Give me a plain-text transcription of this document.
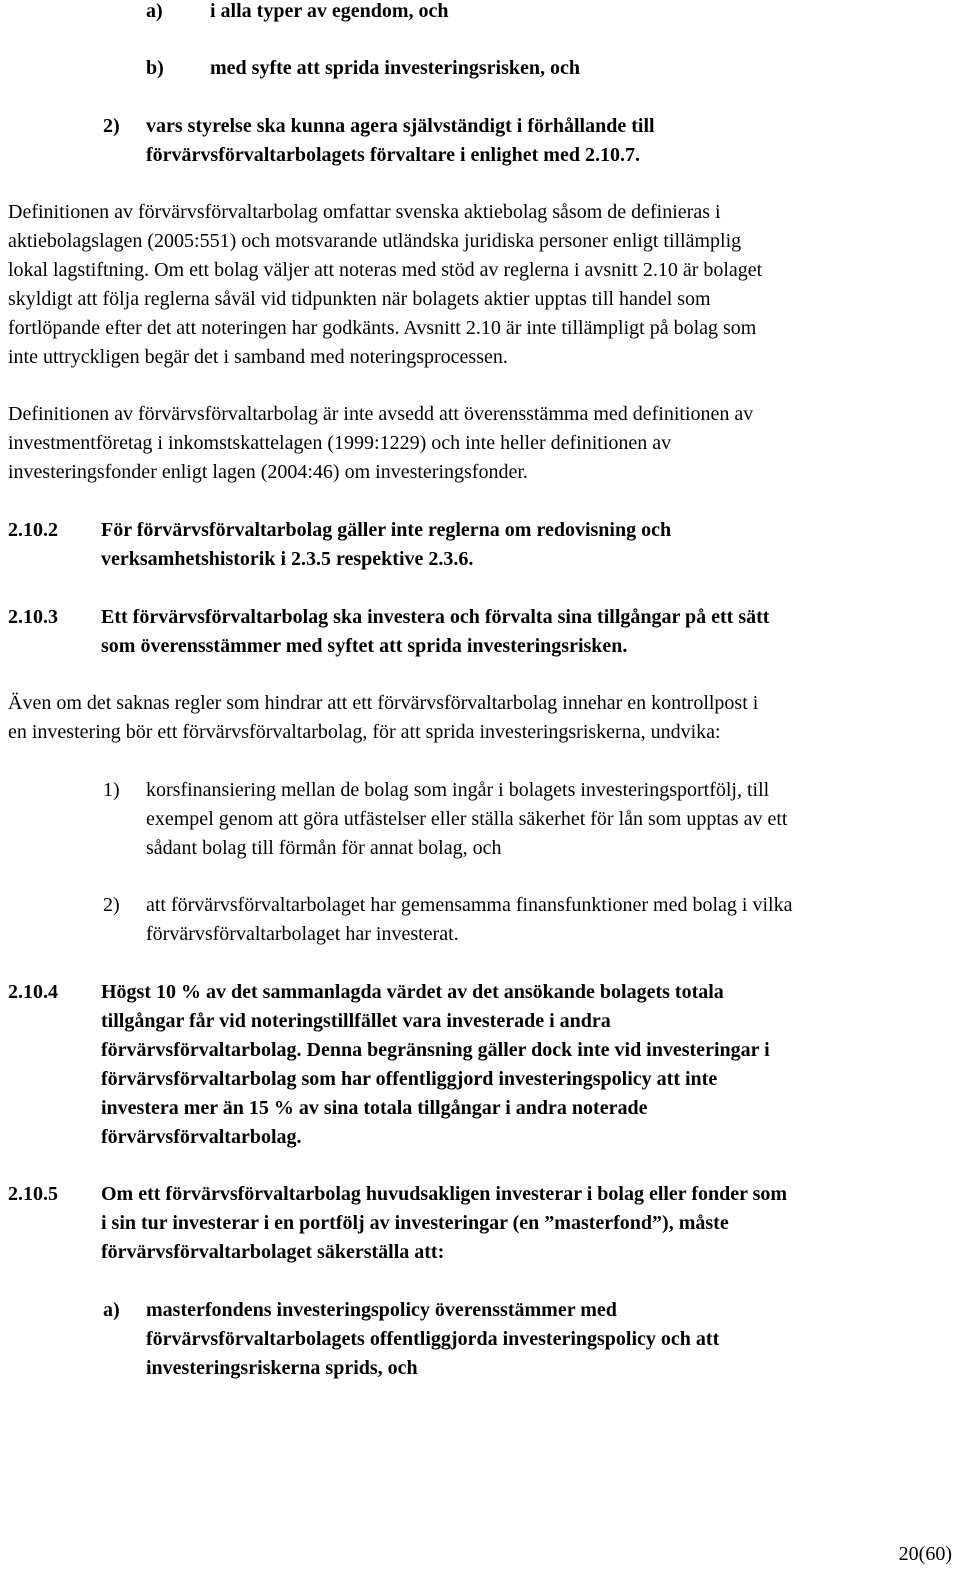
a) i alla typer av egendom, och
b) med syfte att sprida investeringsrisken, och
2) vars styrelse ska kunna agera självständigt i förhållande till
förvärvsförvaltarbolagets förvaltare i enlighet med 2.10.7.
Definitionen av förvärvsförvaltarbolag omfattar svenska aktiebolag såsom de definieras i
aktiebolagslagen (2005:551) och motsvarande utländska juridiska personer enligt tillämplig
lokal lagstiftning. Om ett bolag väljer att noteras med stöd av reglerna i avsnitt 2.10 är bolaget
skyldigt att följa reglerna såväl vid tidpunkten när bolagets aktier upptas till handel som
fortlöpande efter det att noteringen har godkänts. Avsnitt 2.10 är inte tillämpligt på bolag som
inte uttryckligen begär det i samband med noteringsprocessen.
Definitionen av förvärvsförvaltarbolag är inte avsedd att överensstämma med definitionen av
investmentföretag i inkomstskattelagen (1999:1229) och inte heller definitionen av
investeringsfonder enligt lagen (2004:46) om investeringsfonder.
2.10.2 För förvärvsförvaltarbolag gäller inte reglerna om redovisning och
verksamhetshistorik i 2.3.5 respektive 2.3.6.
2.10.3 Ett förvärvsförvaltarbolag ska investera och förvalta sina tillgångar på ett sätt
som överensstämmer med syftet att sprida investeringsrisken.
Även om det saknas regler som hindrar att ett förvärvsförvaltarbolag innehar en kontrollpost i
en investering bör ett förvärvsförvaltarbolag, för att sprida investeringsriskerna, undvika:
1) korsfinansiering mellan de bolag som ingår i bolagets investeringsportfölj, till
exempel genom att göra utfästelser eller ställa säkerhet för lån som upptas av ett
sådant bolag till förmån för annat bolag, och
2) att förvärvsförvaltarbolaget har gemensamma finansfunktioner med bolag i vilka
förvärvsförvaltarbolaget har investerat.
2.10.4 Högst 10 % av det sammanlagda värdet av det ansökande bolagets totala
tillgångar får vid noteringstillfället vara investerade i andra
förvärvsförvaltarbolag. Denna begränsning gäller dock inte vid investeringar i
förvärvsförvaltarbolag som har offentliggjord investeringspolicy att inte
investera mer än 15 % av sina totala tillgångar i andra noterade
förvärvsförvaltarbolag.
2.10.5 Om ett förvärvsförvaltarbolag huvudsakligen investerar i bolag eller fonder som
i sin tur investerar i en portfölj av investeringar (en ”masterfond”), måste
förvärvsförvaltarbolaget säkerställa att:
a) masterfondens investeringspolicy överensstämmer med
förvärvsförvaltarbolagets offentliggjorda investeringspolicy och att
investeringsriskerna sprids, och
20(60)
